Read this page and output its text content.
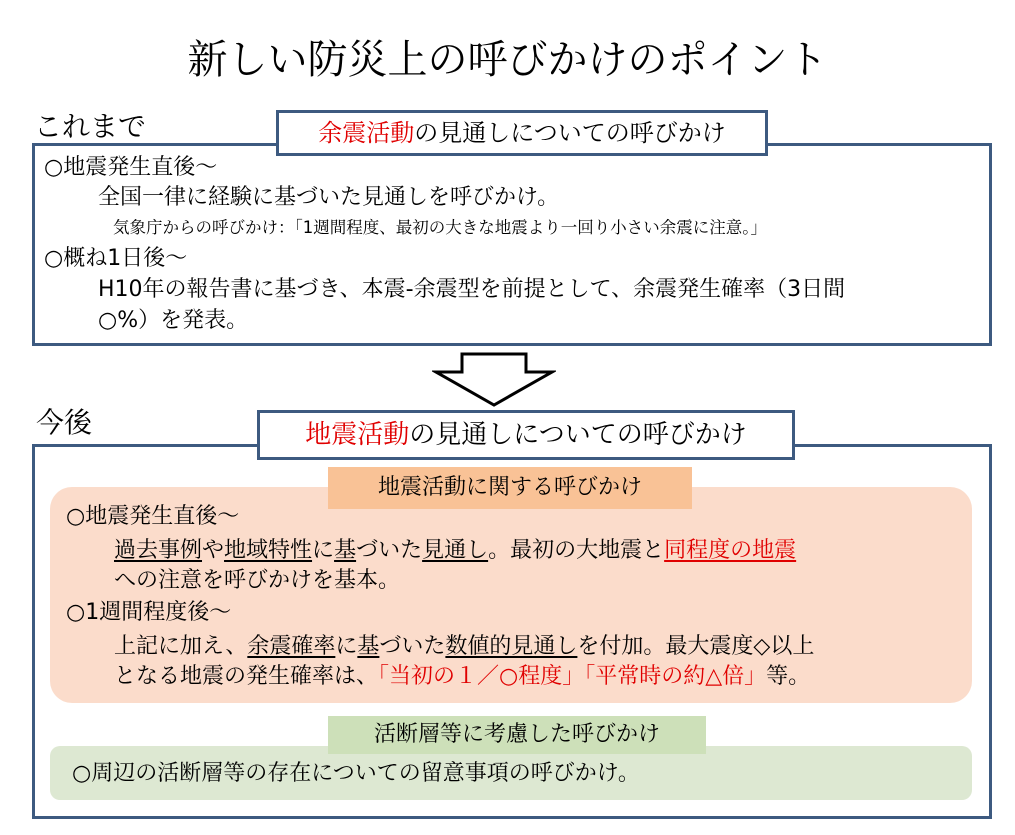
新しい防災上の呼びかけのポイント
これまで	余震活動の見通しについての呼びかけ
○地震発生直後～
全国一律に経験に基づいた見通しを呼びかけ。
気象庁からの呼びかけ：「1週間程度、最初の大きな地震より一回り小さい余震に注意。」
○概ね1日後～
H10年の報告書に基づき、本震-余震型を前提として、余震発生確率（3日間
○%）を発表。
今後	地震活動の見通しについての呼びかけ
地震活動に関する呼びかけ
○地震発生直後～
過去事例や地域特性に基づいた見通し。最初の大地震と同程度の地震
への注意を呼びかけを基本。
○1週間程度後～
上記に加え、余震確率に基づいた数値的見通しを付加。最大震度◇以上
となる地震の発生確率は、「当初の１／○程度」「平常時の約△倍」等。
活断層等に考慮した呼びかけ
○周辺の活断層等の存在についての留意事項の呼びかけ。
